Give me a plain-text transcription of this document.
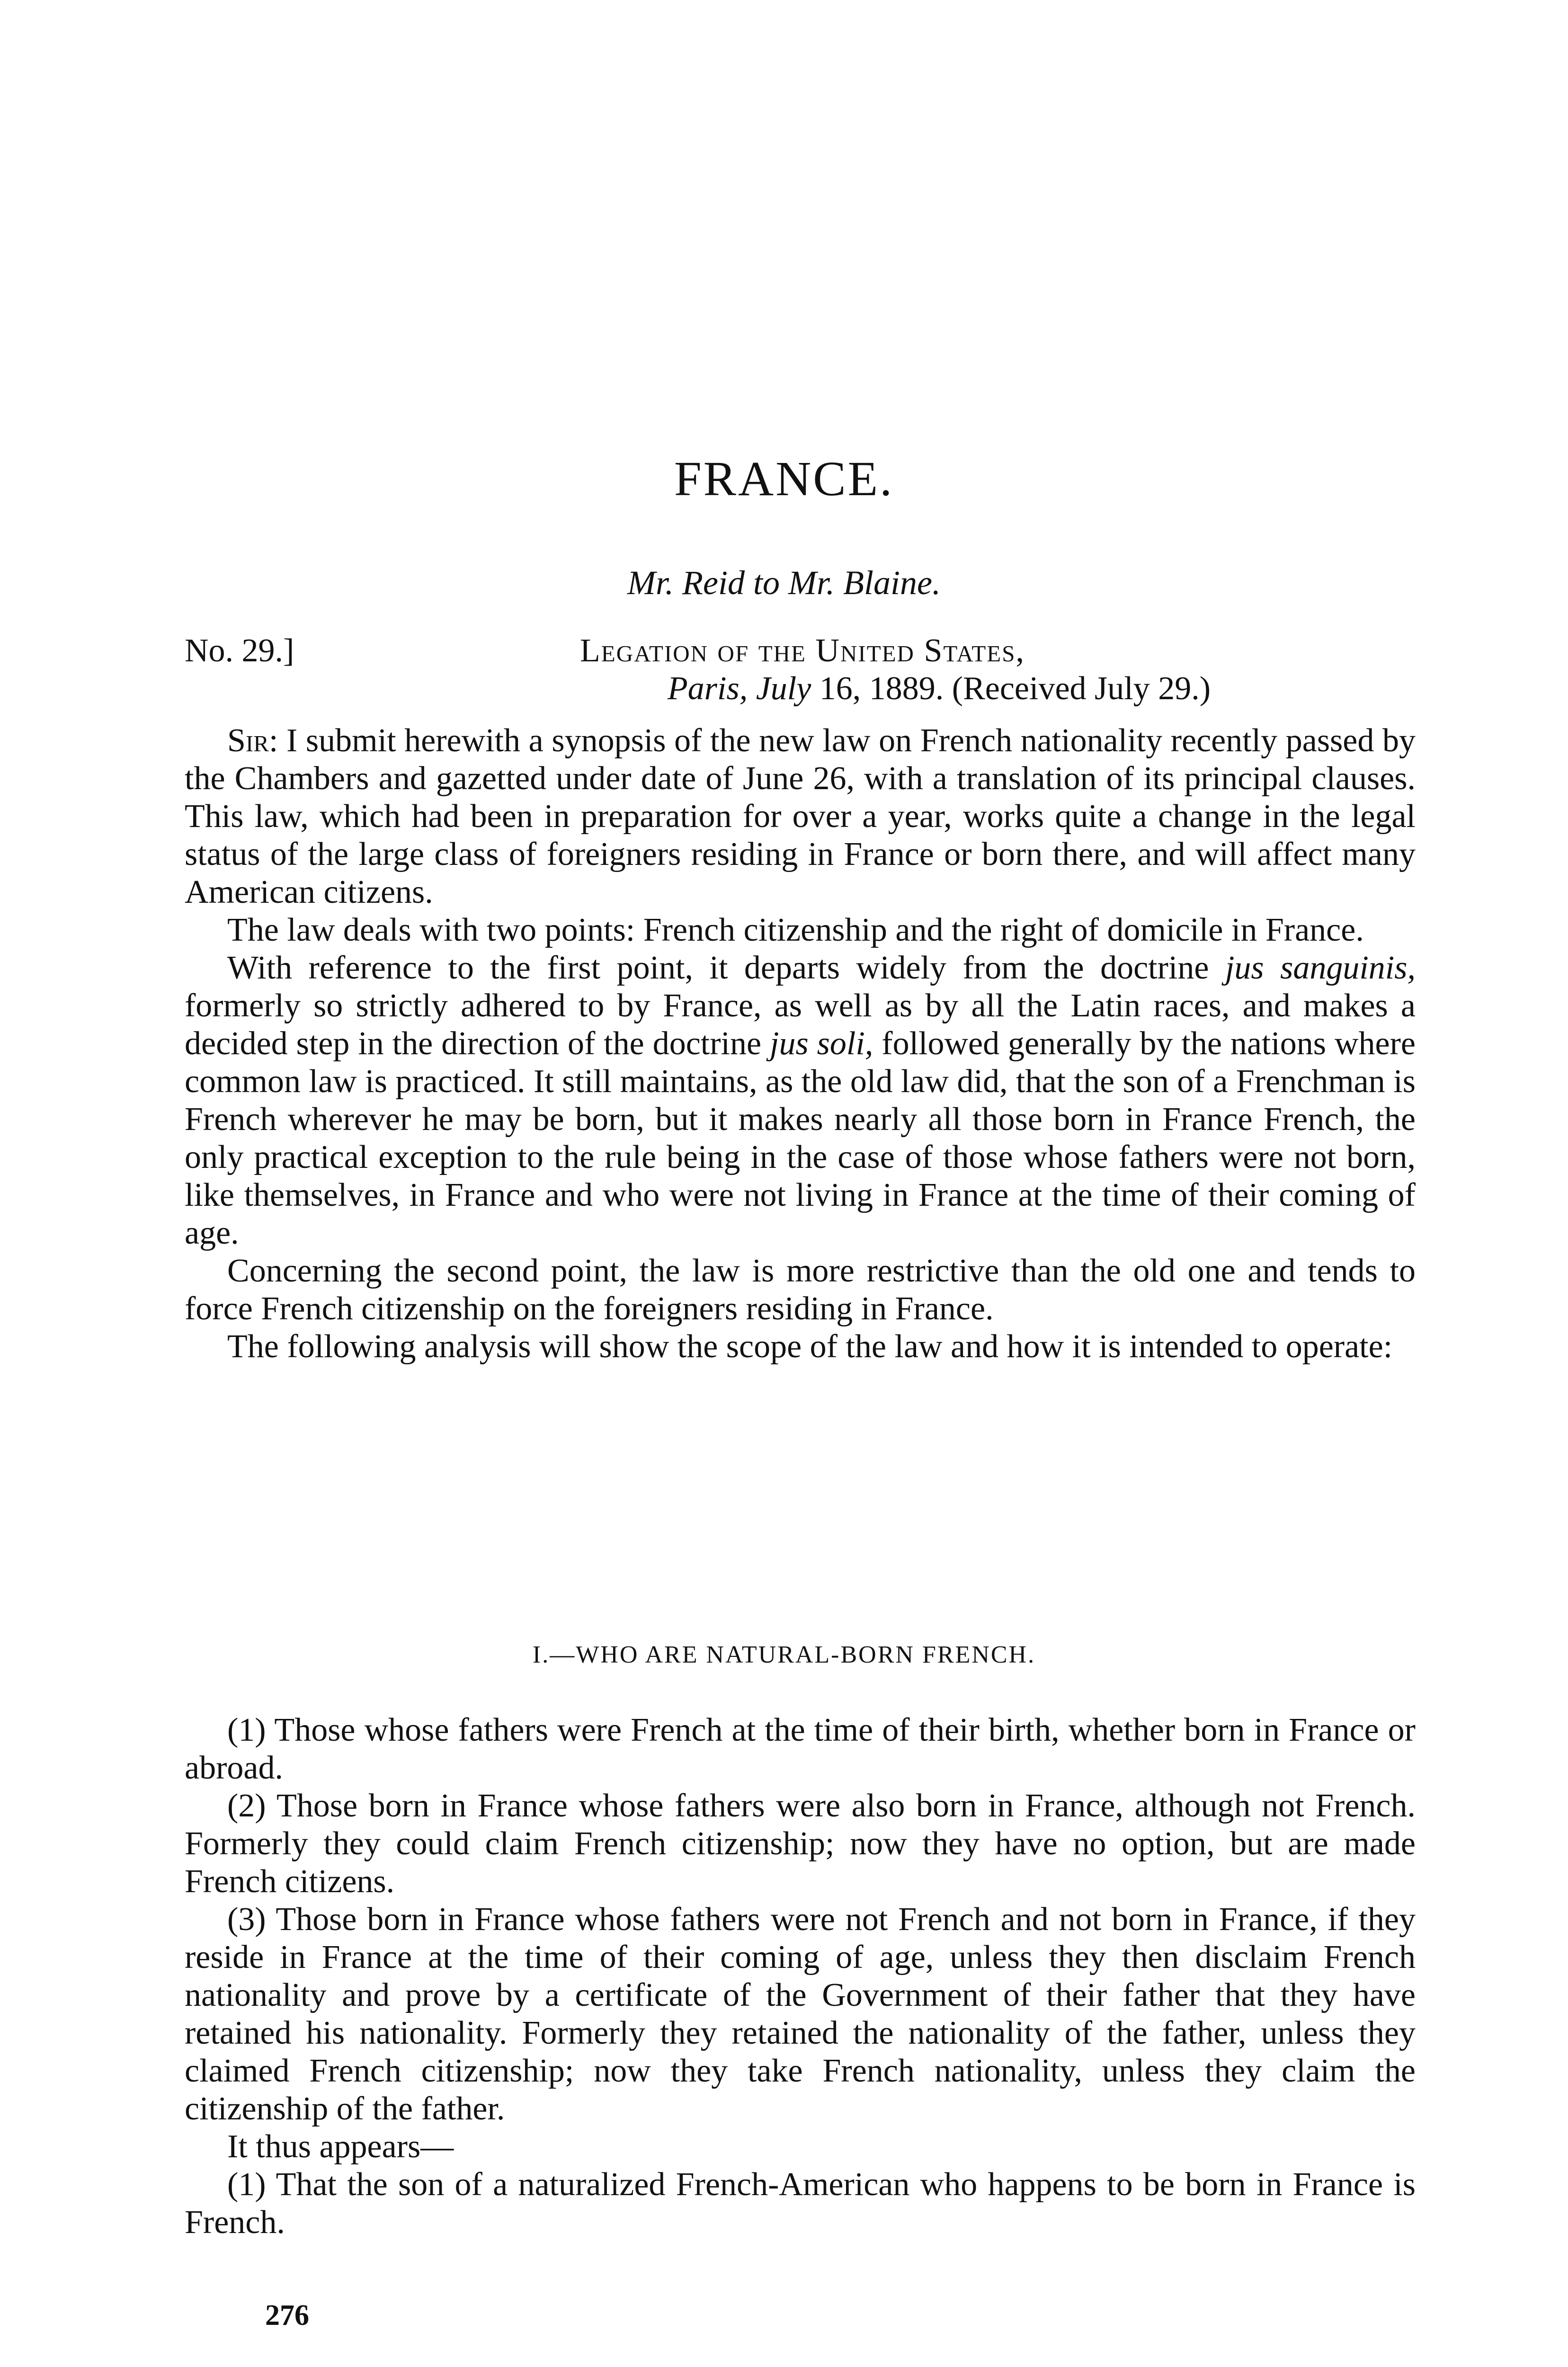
FRANCE.
Mr. Reid to Mr. Blaine.
No. 29.]	Legation of the United States,
Paris, July 16, 1889. (Received July 29.)

Sir: I submit herewith a synopsis of the new law on French nationality recently passed by the Chambers and gazetted under date of June 26, with a translation of its principal clauses. This law, which had been in preparation for over a year, works quite a change in the legal status of the large class of foreigners residing in France or born there, and will affect many American citizens.

The law deals with two points: French citizenship and the right of domicile in France.

With reference to the first point, it departs widely from the doctrine jus sanguinis, formerly so strictly adhered to by France, as well as by all the Latin races, and makes a decided step in the direction of the doctrine jus soli, followed generally by the nations where common law is practiced. It still maintains, as the old law did, that the son of a Frenchman is French wherever he may be born, but it makes nearly all those born in France French, the only practical exception to the rule being in the case of those whose fathers were not born, like themselves, in France and who were not living in France at the time of their coming of age.

Concerning the second point, the law is more restrictive than the old one and tends to force French citizenship on the foreigners residing in France.

The following analysis will show the scope of the law and how it is intended to operate:

I.—WHO ARE NATURAL-BORN FRENCH.

(1) Those whose fathers were French at the time of their birth, whether born in France or abroad.

(2) Those born in France whose fathers were also born in France, although not French. Formerly they could claim French citizenship; now they have no option, but are made French citizens.

(3) Those born in France whose fathers were not French and not born in France, if they reside in France at the time of their coming of age, unless they then disclaim French nationality and prove by a certificate of the Government of their father that they have retained his nationality. Formerly they retained the nationality of the father, unless they claimed French citizenship; now they take French nationality, unless they claim the citizenship of the father.

It thus appears—

(1) That the son of a naturalized French-American who happens to be born in France is French.

276
